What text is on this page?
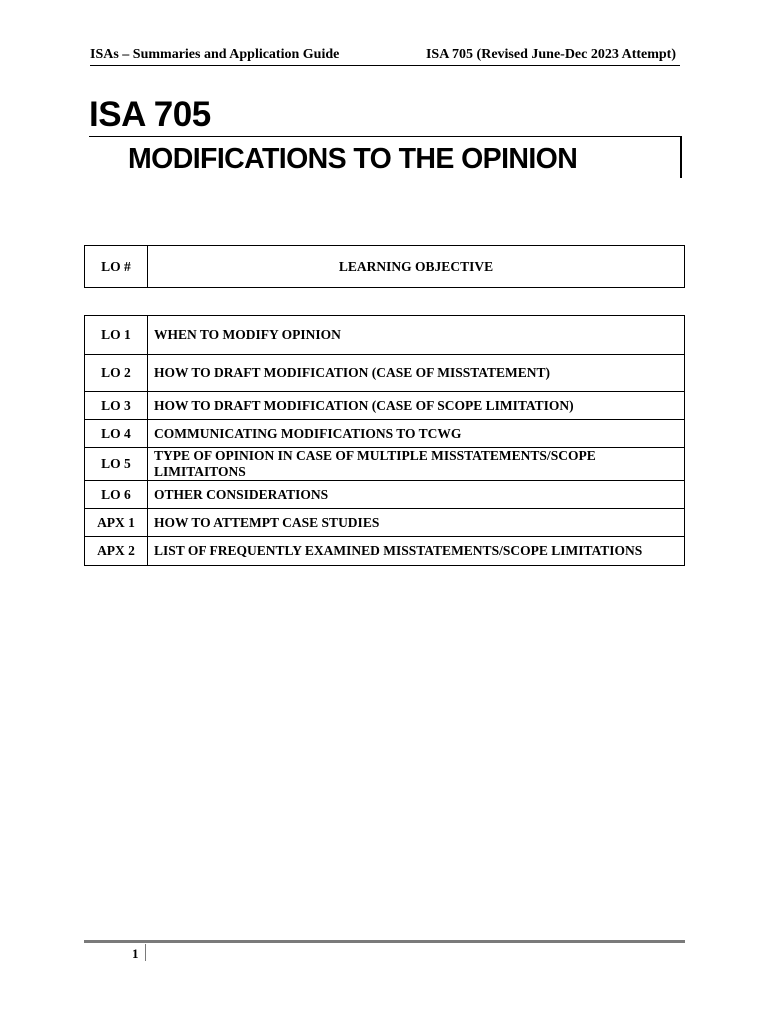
ISAs – Summaries and Application Guide	ISA 705 (Revised June-Dec 2023 Attempt)
ISA 705
MODIFICATIONS TO THE OPINION
LO #	LEARNING OBJECTIVE
LO 1	WHEN TO MODIFY OPINION
LO 2	HOW TO DRAFT MODIFICATION (CASE OF MISSTATEMENT)
LO 3	HOW TO DRAFT MODIFICATION (CASE OF SCOPE LIMITATION)
LO 4	COMMUNICATING MODIFICATIONS TO TCWG
LO 5	TYPE OF OPINION IN CASE OF MULTIPLE MISSTATEMENTS/SCOPE LIMITAITONS
LO 6	OTHER CONSIDERATIONS
APX 1	HOW TO ATTEMPT CASE STUDIES
APX 2	LIST OF FREQUENTLY EXAMINED MISSTATEMENTS/SCOPE LIMITATIONS
1
